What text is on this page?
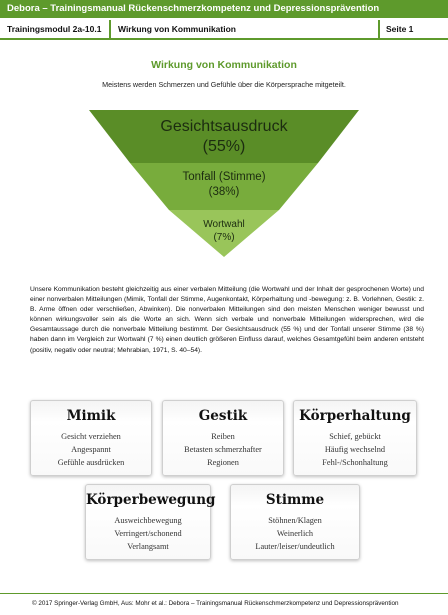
Debora – Trainingsmanual Rückenschmerzkompetenz und Depressionsprävention
Trainingsmodul 2a-10.1 Wirkung von Kommunikation	Seite 1
Wirkung von Kommunikation
Meistens werden Schmerzen und Gefühle über die Körpersprache mitgeteilt.
Gesichtsausdruck
(55%)
Tonfall (Stimme)
(38%)
Wortwahl
(7%)
Unsere Kommunikation besteht gleichzeitig aus einer verbalen Mitteilung (die Wortwahl und der Inhalt der gesprochenen Worte) und einer nonverbalen Mitteilungen (Mimik, Tonfall der Stimme, Augenkontakt, Körperhaltung und -bewegung: z. B. Vorlehnen, Gestik: z. B. Arme öffnen oder verschließen, Abwinken). Die nonverbalen Mitteilungen sind den meisten Menschen weniger bewusst und können wirkungsvoller sein als die Worte an sich. Wenn sich verbale und nonverbale Mitteilungen widersprechen, wird die Gesamtaussage durch die nonverbale Mitteilung bestimmt. Der Gesichtsausdruck (55 %) und der Tonfall unserer Stimme (38 %) haben dann im Vergleich zur Wortwahl (7 %) einen deutlich größeren Einfluss darauf, welches Gesamtgefühl beim anderen entsteht (positiv, negativ oder neutral; Mehrabian, 1971, S. 40–54).
Mimik
Gesicht verziehen
Angespannt
Gefühle ausdrücken
Gestik
Reiben
Betasten schmerzhafter Regionen
Körperhaltung
Schief, gebückt
Häufig wechselnd
Fehl-/Schonhaltung
Körperbewegung
Ausweichbewegung
Verringert/schonend
Verlangsamt
Stimme
Stöhnen/Klagen
Weinerlich
Lauter/leiser/undeutlich
© 2017 Springer-Verlag GmbH, Aus: Mohr et al.: Debora – Trainingsmanual Rückenschmerzkompetenz und Depressionsprävention
